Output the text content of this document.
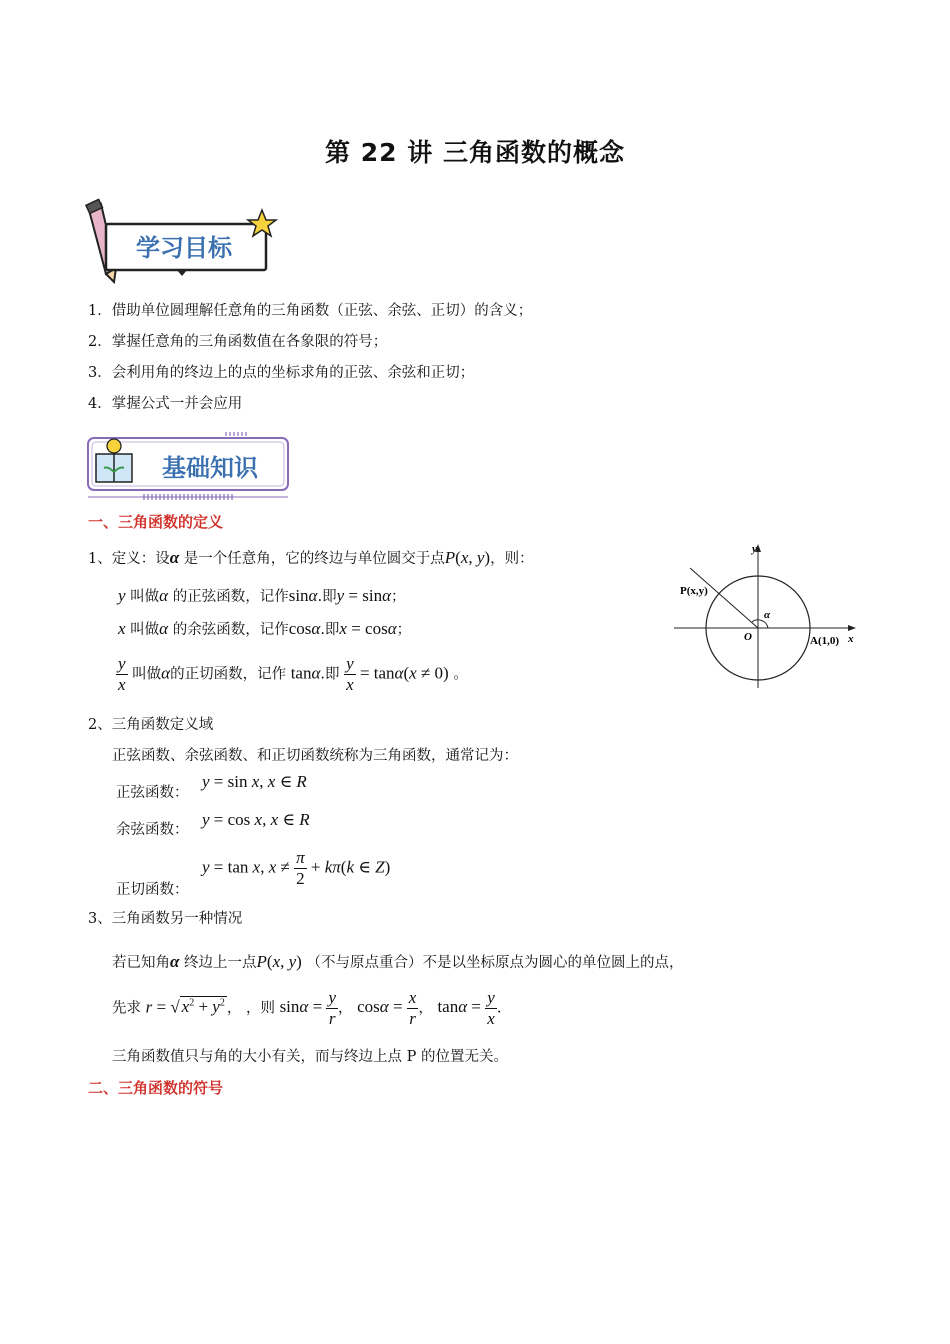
第 22 讲 三角函数的概念
学习目标
1．借助单位圆理解任意角的三角函数（正弦、余弦、正切）的含义；
2．掌握任意角的三角函数值在各象限的符号；
3．会利用角的终边上的点的坐标求角的正弦、余弦和正切；
4．掌握公式一并会应用
基础知识
一、三角函数的定义
1、定义：设α 是一个任意角，它的终边与单位圆交于点P(x, y)，则：
y 叫做α 的正弦函数，记作sinα.即y = sinα；
x 叫做α 的余弦函数，记作cosα.即x = cosα；
$\frac{y}{x}$ 叫做α的正切函数，记作 tanα.即 $\frac{y}{x} = \tan\alpha(x \ne 0)$ 。
y
x
O
P(x,y)
A(1,0)
α
2、三角函数定义域
正弦函数、余弦函数、和正切函数统称为三角函数，通常记为：
正弦函数：
y = sin x, x ∈ R
余弦函数：
y = cos x, x ∈ R
正切函数：
y = tan x, $x \ne \frac{\pi}{2} + k\pi(k$ ∈ Z)
3、三角函数另一种情况
若已知角α 终边上一点P(x, y) （不与原点重合）不是以坐标原点为圆心的单位圆上的点，
先求 r = √ $x^2 + y^2$ ， ，则 $\sin\alpha = \frac{y}{r}$ ， $\cos\alpha = \frac{x}{r}$ ， $\tan\alpha = \frac{y}{x}$ .
三角函数值只与角的大小有关，而与终边上点 P 的位置无关。
二、三角函数的符号
